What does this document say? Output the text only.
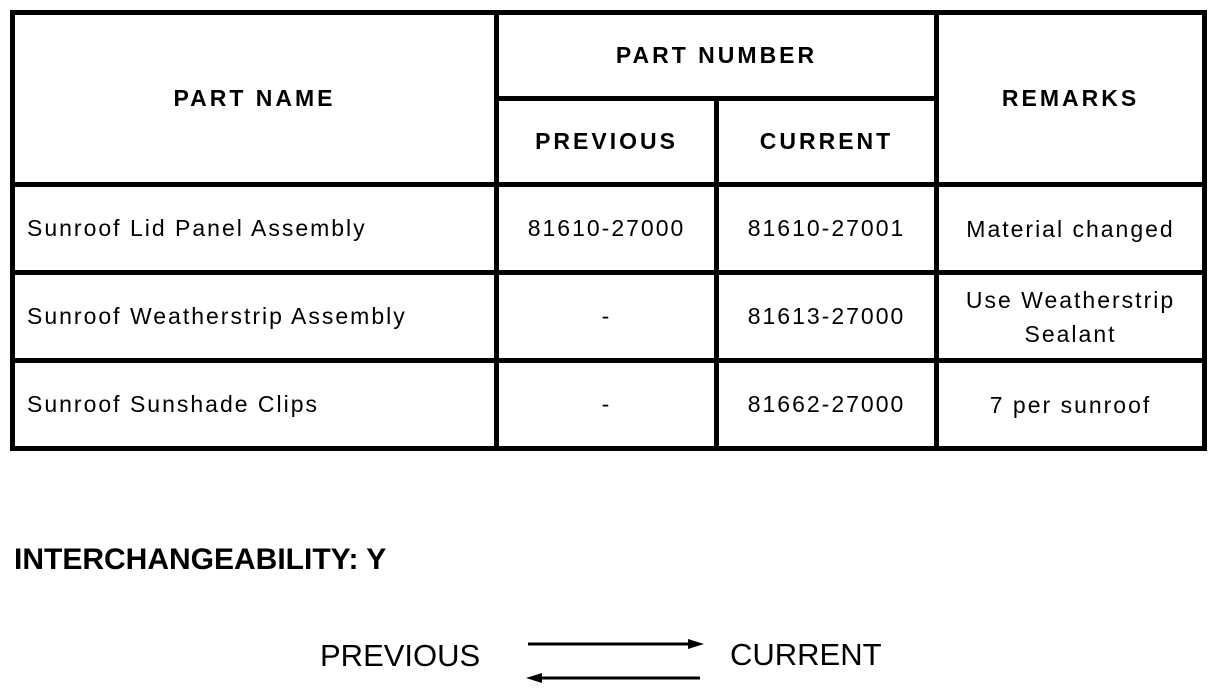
PART NAME	PART NUMBER		REMARKS
	PREVIOUS	CURRENT	
Sunroof Lid Panel Assembly	81610-27000	81610-27001	Material changed

Sunroof Weatherstrip Assembly	-	81613-27000	Use Weatherstrip
Sealant

Sunroof Sunshade Clips	-	81662-27000	7 per sunroof
INTERCHANGEABILITY: Y
PREVIOUS	CURRENT
